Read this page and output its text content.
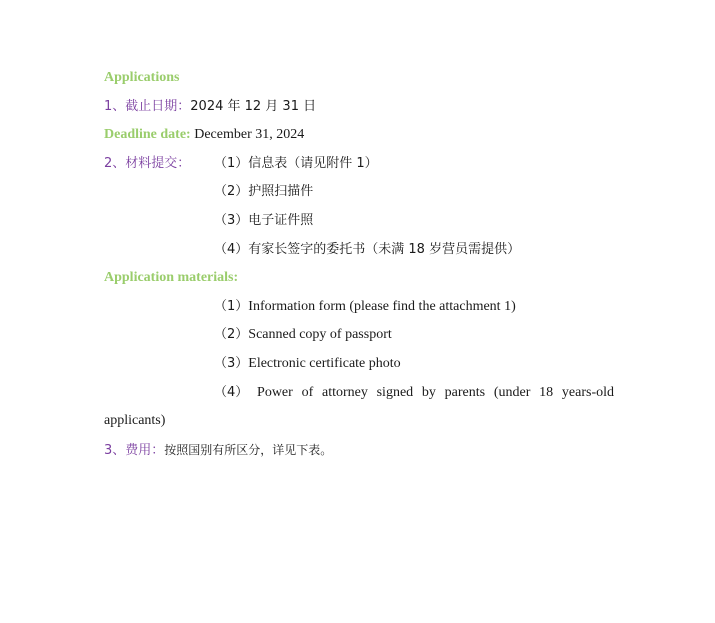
Applications
1、截止日期：2024 年 12 月 31 日
Deadline date: December 31, 2024
2、材料提交： （1）信息表（请见附件 1）
（2）护照扫描件
（3）电子证件照
（4）有家长签字的委托书（未满 18 岁营员需提供）
Application materials:
（1）Information form (please find the attachment 1)
（2）Scanned copy of passport
（3）Electronic certificate photo
（4） Power of attorney signed by parents (under 18 years-old
applicants)
3、费用：按照国别有所区分，详见下表。
